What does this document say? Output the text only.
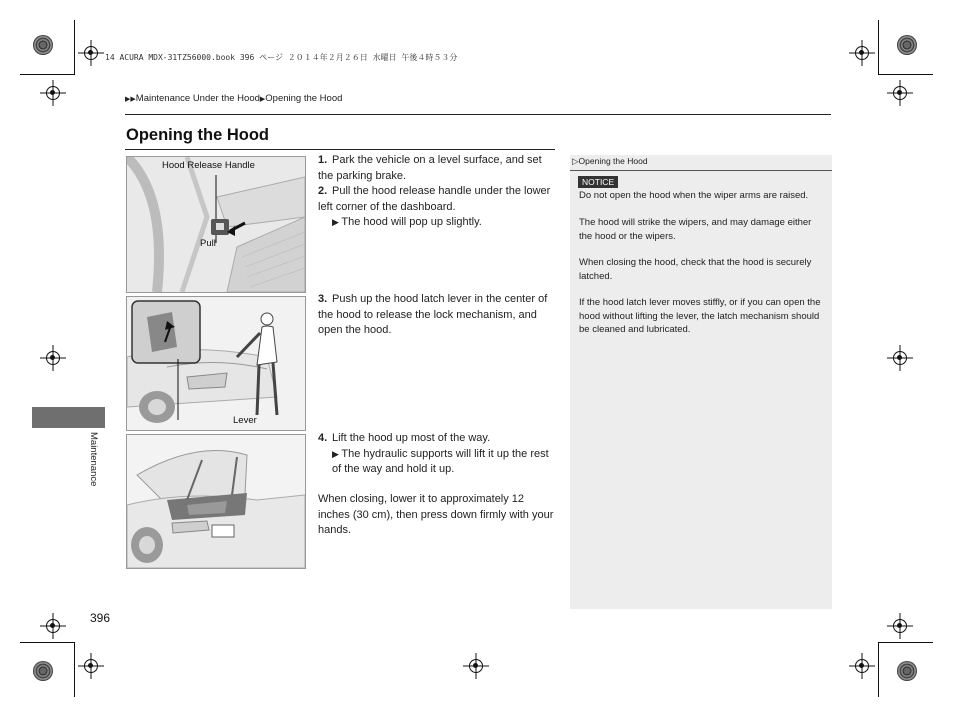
14 ACURA MDX-31TZ56000.book 396 ページ ２０１４年２月２６日 水曜日 午後４時５３分
▶▶Maintenance Under the Hood▶Opening the Hood
Opening the Hood
Hood Release Handle
Pull
Lever
1. Park the vehicle on a level surface, and set the parking brake.
2. Pull the hood release handle under the lower left corner of the dashboard.
▶ The hood will pop up slightly.
3. Push up the hood latch lever in the center of the hood to release the lock mechanism, and open the hood.
4. Lift the hood up most of the way.
▶ The hydraulic supports will lift it up the rest of the way and hold it up.
When closing, lower it to approximately 12 inches (30 cm), then press down firmly with your hands.
▷Opening the Hood
NOTICE
Do not open the hood when the wiper arms are raised.
The hood will strike the wipers, and may damage either the hood or the wipers.
When closing the hood, check that the hood is securely latched.
If the hood latch lever moves stiffly, or if you can open the hood without lifting the lever, the latch mechanism should be cleaned and lubricated.
Maintenance
396
